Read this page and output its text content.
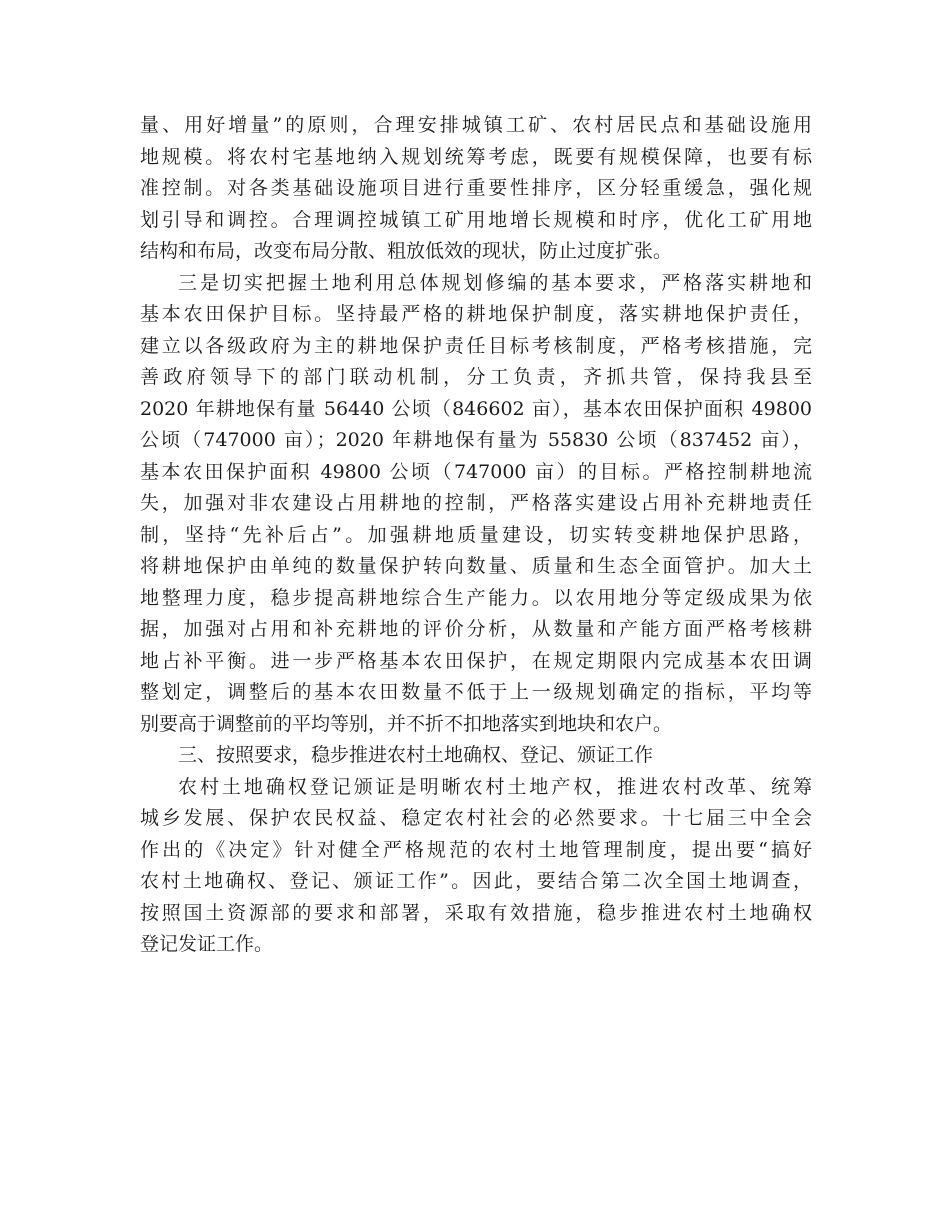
量、用好增量”的原则，合理安排城镇工矿、农村居民点和基础设施用
地规模。将农村宅基地纳入规划统筹考虑，既要有规模保障，也要有标
准控制。对各类基础设施项目进行重要性排序，区分轻重缓急，强化规
划引导和调控。合理调控城镇工矿用地增长规模和时序，优化工矿用地
结构和布局，改变布局分散、粗放低效的现状，防止过度扩张。
三是切实把握土地利用总体规划修编的基本要求，严格落实耕地和
基本农田保护目标。坚持最严格的耕地保护制度，落实耕地保护责任，
建立以各级政府为主的耕地保护责任目标考核制度，严格考核措施，完
善政府领导下的部门联动机制，分工负责，齐抓共管，保持我县至
2020 年耕地保有量 56440 公顷（846602 亩），基本农田保护面积 49800
公顷（747000 亩）；2020 年耕地保有量为 55830 公顷（837452 亩），
基本农田保护面积 49800 公顷（747000 亩）的目标。严格控制耕地流
失，加强对非农建设占用耕地的控制，严格落实建设占用补充耕地责任
制，坚持“先补后占”。加强耕地质量建设，切实转变耕地保护思路，
将耕地保护由单纯的数量保护转向数量、质量和生态全面管护。加大土
地整理力度，稳步提高耕地综合生产能力。以农用地分等定级成果为依
据，加强对占用和补充耕地的评价分析，从数量和产能方面严格考核耕
地占补平衡。进一步严格基本农田保护，在规定期限内完成基本农田调
整划定，调整后的基本农田数量不低于上一级规划确定的指标，平均等
别要高于调整前的平均等别，并不折不扣地落实到地块和农户。
三、按照要求，稳步推进农村土地确权、登记、颁证工作
农村土地确权登记颁证是明晰农村土地产权，推进农村改革、统筹
城乡发展、保护农民权益、稳定农村社会的必然要求。十七届三中全会
作出的《决定》针对健全严格规范的农村土地管理制度，提出要“搞好
农村土地确权、登记、颁证工作”。因此，要结合第二次全国土地调查，
按照国土资源部的要求和部署，采取有效措施，稳步推进农村土地确权
登记发证工作。
